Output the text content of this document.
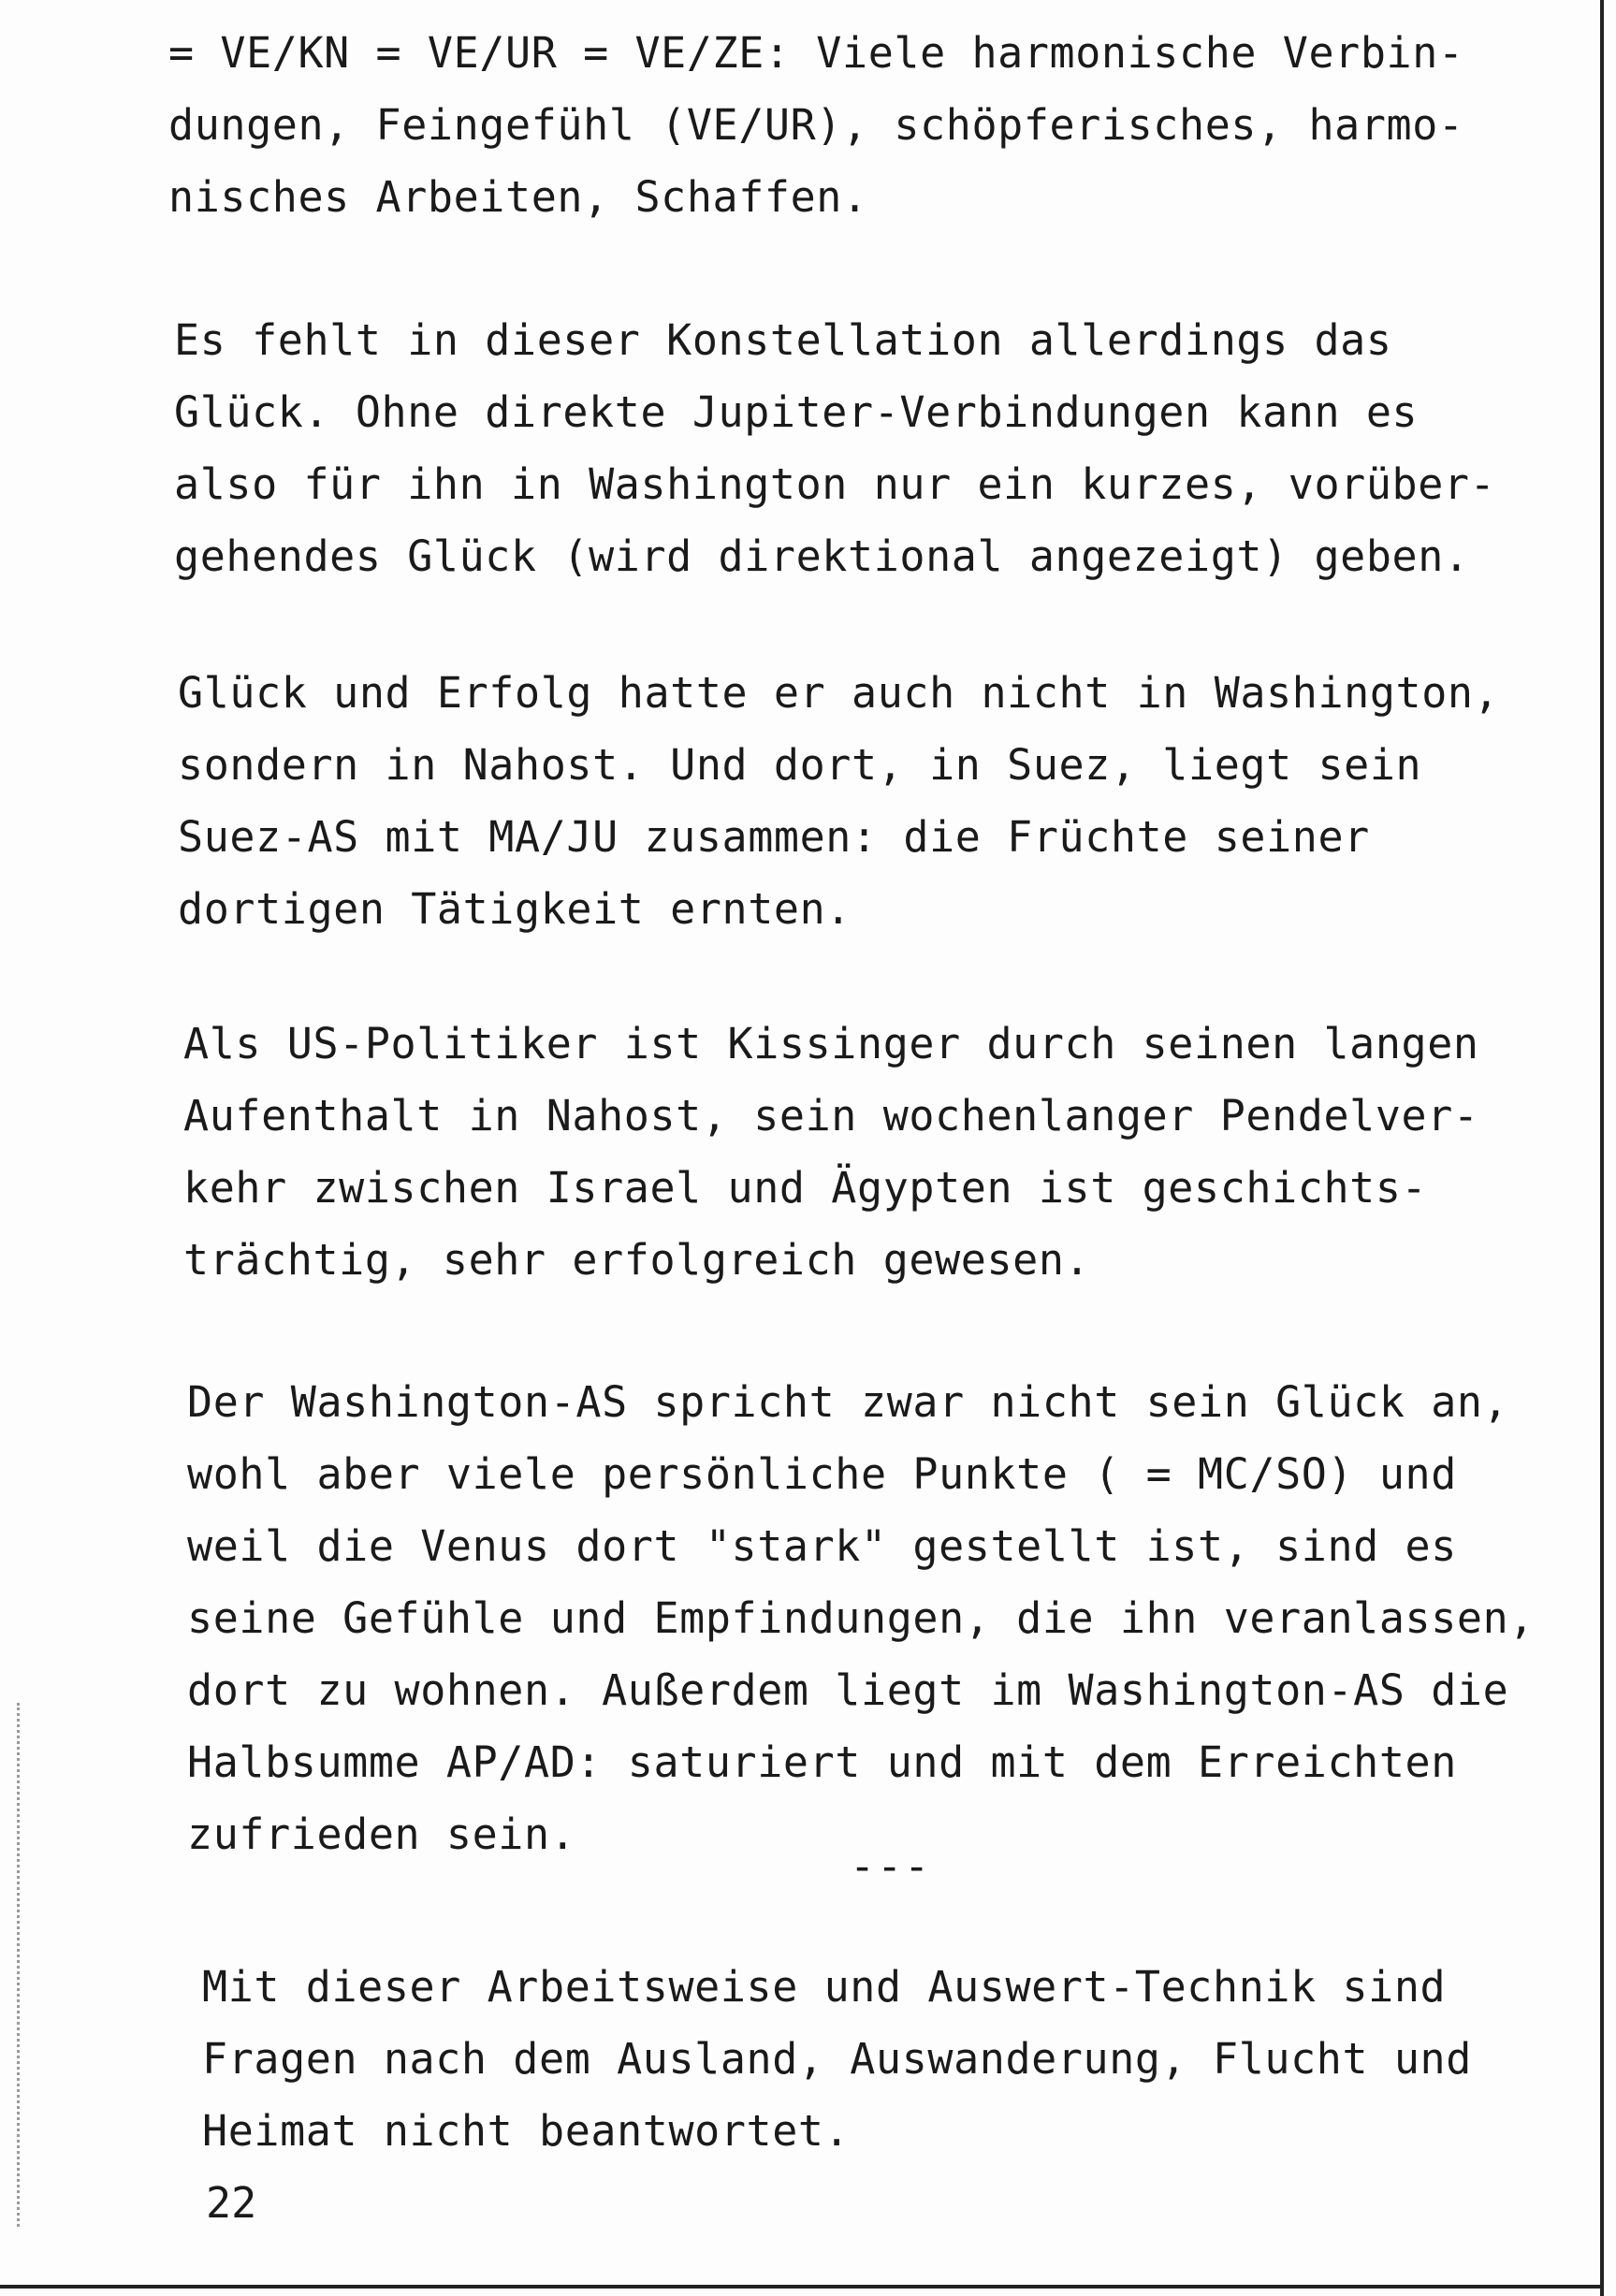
= VE/KN = VE/UR = VE/ZE: Viele harmonische Verbin-
dungen, Feingefühl (VE/UR), schöpferisches, harmo-
nisches Arbeiten, Schaffen.
Es fehlt in dieser Konstellation allerdings das
Glück. Ohne direkte Jupiter-Verbindungen kann es
also für ihn in Washington nur ein kurzes, vorüber-
gehendes Glück (wird direktional angezeigt) geben.
Glück und Erfolg hatte er auch nicht in Washington,
sondern in Nahost. Und dort, in Suez, liegt sein
Suez-AS mit MA/JU zusammen: die Früchte seiner
dortigen Tätigkeit ernten.
Als US-Politiker ist Kissinger durch seinen langen
Aufenthalt in Nahost, sein wochenlanger Pendelver-
kehr zwischen Israel und Ägypten ist geschichts-
trächtig, sehr erfolgreich gewesen.
Der Washington-AS spricht zwar nicht sein Glück an,
wohl aber viele persönliche Punkte ( = MC/SO) und
weil die Venus dort "stark" gestellt ist, sind es
seine Gefühle und Empfindungen, die ihn veranlassen,
dort zu wohnen. Außerdem liegt im Washington-AS die
Halbsumme AP/AD: saturiert und mit dem Erreichten
zufrieden sein.
---
Mit dieser Arbeitsweise und Auswert-Technik sind
Fragen nach dem Ausland, Auswanderung, Flucht und
Heimat nicht beantwortet.
22
